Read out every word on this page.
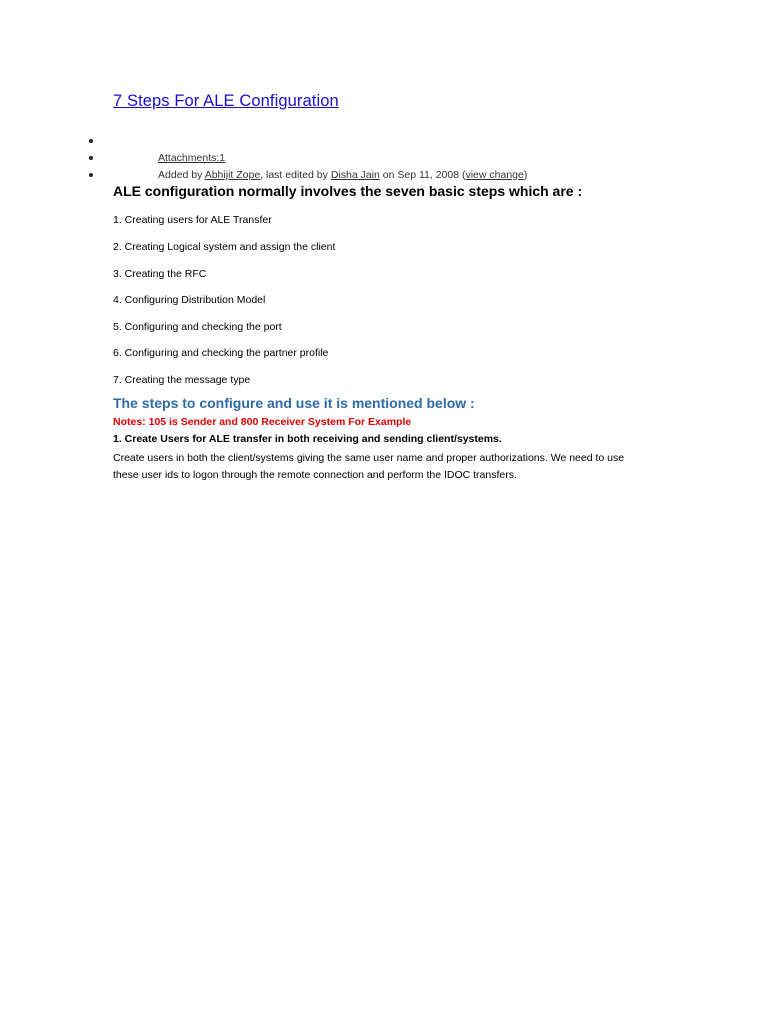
7 Steps For ALE Configuration
Attachments:1
Added by Abhijit Zope, last edited by Disha Jain on Sep 11, 2008 (view change)
ALE configuration normally involves the seven basic steps which are :
1. Creating users for ALE Transfer
2. Creating Logical system and assign the client
3. Creating the RFC
4. Configuring Distribution Model
5. Configuring and checking the port
6. Configuring and checking the partner profile
7. Creating the message type
The steps to configure and use it is mentioned below :
Notes: 105 is Sender and 800 Receiver System For Example
1. Create Users for ALE transfer in both receiving and sending client/systems.
Create users in both the client/systems giving the same user name and proper authorizations. We need to use these user ids to logon through the remote connection and perform the IDOC transfers.
